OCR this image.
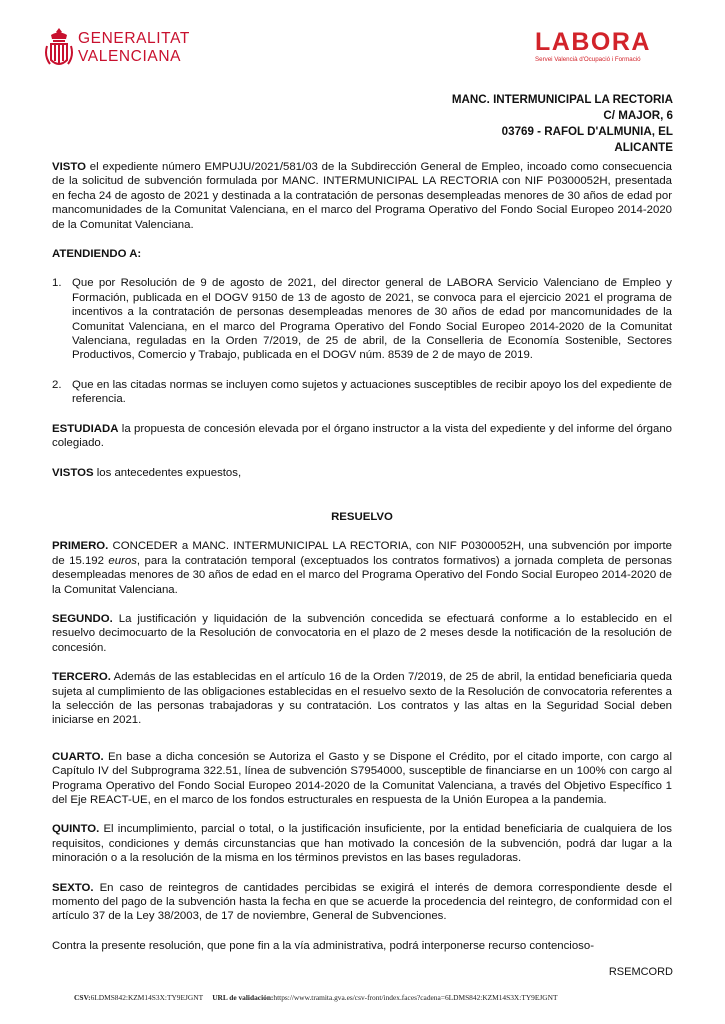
GENERALITAT
VALENCIANA
LABORA
Servei Valencià d'Ocupació i Formació
MANC. INTERMUNICIPAL LA RECTORIA
C/ MAJOR, 6
03769 - RAFOL D'ALMUNIA, EL
ALICANTE

VISTO el expediente número EMPUJU/2021/581/03 de la Subdirección General de Empleo, incoado como consecuencia de la solicitud de subvención formulada por MANC. INTERMUNICIPAL LA RECTORIA con NIF P0300052H, presentada en fecha 24 de agosto de 2021 y destinada a la contratación de personas desempleadas menores de 30 años de edad por mancomunidades de la Comunitat Valenciana, en el marco del Programa Operativo del Fondo Social Europeo 2014-2020 de la Comunitat Valenciana.

ATENDIENDO A:
1. Que por Resolución de 9 de agosto de 2021, del director general de LABORA Servicio Valenciano de Empleo y Formación, publicada en el DOGV 9150 de 13 de agosto de 2021, se convoca para el ejercicio 2021 el programa de incentivos a la contratación de personas desempleadas menores de 30 años de edad por mancomunidades de la Comunitat Valenciana, en el marco del Programa Operativo del Fondo Social Europeo 2014-2020 de la Comunitat Valenciana, reguladas en la Orden 7/2019, de 25 de abril, de la Conselleria de Economía Sostenible, Sectores Productivos, Comercio y Trabajo, publicada en el DOGV núm. 8539 de 2 de mayo de 2019.
2. Que en las citadas normas se incluyen como sujetos y actuaciones susceptibles de recibir apoyo los del expediente de referencia.

ESTUDIADA la propuesta de concesión elevada por el órgano instructor a la vista del expediente y del informe del órgano colegiado.

VISTOS los antecedentes expuestos,

RESUELVO

PRIMERO. CONCEDER a MANC. INTERMUNICIPAL LA RECTORIA, con NIF P0300052H, una subvención por importe de 15.192 euros, para la contratación temporal (exceptuados los contratos formativos) a jornada completa de personas desempleadas menores de 30 años de edad en el marco del Programa Operativo del Fondo Social Europeo 2014-2020 de la Comunitat Valenciana.

SEGUNDO. La justificación y liquidación de la subvención concedida se efectuará conforme a lo establecido en el resuelvo decimocuarto de la Resolución de convocatoria en el plazo de 2 meses desde la notificación de la resolución de concesión.

TERCERO. Además de las establecidas en el artículo 16 de la Orden 7/2019, de 25 de abril, la entidad beneficiaria queda sujeta al cumplimiento de las obligaciones establecidas en el resuelvo sexto de la Resolución de convocatoria referentes a la selección de las personas trabajadoras y su contratación. Los contratos y las altas en la Seguridad Social deben iniciarse en 2021.

CUARTO. En base a dicha concesión se Autoriza el Gasto y se Dispone el Crédito, por el citado importe, con cargo al Capítulo IV del Subprograma 322.51, línea de subvención S7954000, susceptible de financiarse en un 100% con cargo al Programa Operativo del Fondo Social Europeo 2014-2020 de la Comunitat Valenciana, a través del Objetivo Específico 1 del Eje REACT-UE, en el marco de los fondos estructurales en respuesta de la Unión Europea a la pandemia.

QUINTO. El incumplimiento, parcial o total, o la justificación insuficiente, por la entidad beneficiaria de cualquiera de los requisitos, condiciones y demás circunstancias que han motivado la concesión de la subvención, podrá dar lugar a la minoración o a la resolución de la misma en los términos previstos en las bases reguladoras.

SEXTO. En caso de reintegros de cantidades percibidas se exigirá el interés de demora correspondiente desde el momento del pago de la subvención hasta la fecha en que se acuerde la procedencia del reintegro, de conformidad con el artículo 37 de la Ley 38/2003, de 17 de noviembre, General de Subvenciones.

Contra la presente resolución, que pone fin a la vía administrativa, podrá interponerse recurso contencioso-

RSEMCORD
CSV:6LDMS842:KZM14S3X:TY9EJGNT URL de validación:https://www.tramita.gva.es/csv-front/index.faces?cadena=6LDMS842:KZM14S3X:TY9EJGNT
